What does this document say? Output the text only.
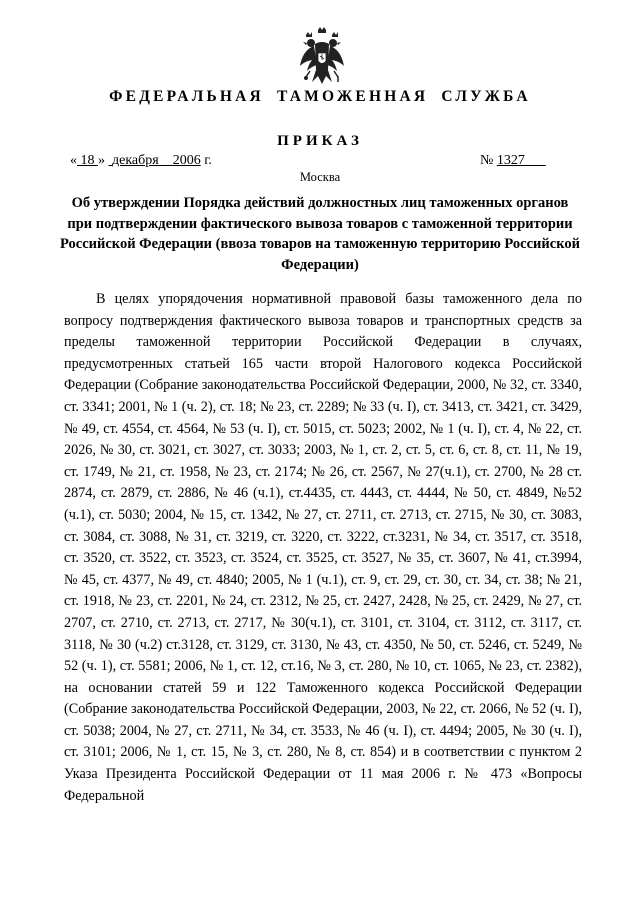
ФЕДЕРАЛЬНАЯ ТАМОЖЕННАЯ СЛУЖБА
ПРИКАЗ
« 18 » декабря 2006 г.	№ 1327
Москва
Об утверждении Порядка действий должностных лиц таможенных органов при подтверждении фактического вывоза товаров с таможенной территории Российской Федерации (ввоза товаров на таможенную территорию Российской Федерации)

В целях упорядочения нормативной правовой базы таможенного дела по вопросу подтверждения фактического вывоза товаров и транспортных средств за пределы таможенной территории Российской Федерации в случаях, предусмотренных статьей 165 части второй Налогового кодекса Российской Федерации (Собрание законодательства Российской Федерации, 2000, № 32, ст. 3340, ст. 3341; 2001, № 1 (ч. 2), ст. 18; № 23, ст. 2289; № 33 (ч. I), ст. 3413, ст. 3421, ст. 3429, № 49, ст. 4554, ст. 4564, № 53 (ч. I), ст. 5015, ст. 5023; 2002, № 1 (ч. I), ст. 4, № 22, ст. 2026, № 30, ст. 3021, ст. 3027, ст. 3033; 2003, № 1, ст. 2, ст. 5, ст. 6, ст. 8, ст. 11, № 19, ст. 1749, № 21, ст. 1958, № 23, ст. 2174; № 26, ст. 2567, № 27(ч.1), ст. 2700, № 28 ст. 2874, ст. 2879, ст. 2886, № 46 (ч.1), ст.4435, ст. 4443, ст. 4444, № 50, ст. 4849, №52 (ч.1), ст. 5030; 2004, № 15, ст. 1342, № 27, ст. 2711, ст. 2713, ст. 2715, № 30, ст. 3083, ст. 3084, ст. 3088, № 31, ст. 3219, ст. 3220, ст. 3222, ст.3231, № 34, ст. 3517, ст. 3518, ст. 3520, ст. 3522, ст. 3523, ст. 3524, ст. 3525, ст. 3527, № 35, ст. 3607, № 41, ст.3994, № 45, ст. 4377, № 49, ст. 4840; 2005, № 1 (ч.1), ст. 9, ст. 29, ст. 30, ст. 34, ст. 38; № 21, ст. 1918, № 23, ст. 2201, № 24, ст. 2312, № 25, ст. 2427, 2428, № 25, ст. 2429, № 27, ст. 2707, ст. 2710, ст. 2713, ст. 2717, № 30(ч.1), ст. 3101, ст. 3104, ст. 3112, ст. 3117, ст. 3118, № 30 (ч.2) ст.3128, ст. 3129, ст. 3130, № 43, ст. 4350, № 50, ст. 5246, ст. 5249, № 52 (ч. 1), ст. 5581; 2006, № 1, ст. 12, ст.16, № 3, ст. 280, № 10, ст. 1065, № 23, ст. 2382), на основании статей 59 и 122 Таможенного кодекса Российской Федерации (Собрание законодательства Российской Федерации, 2003, № 22, ст. 2066, № 52 (ч. I), ст. 5038; 2004, № 27, ст. 2711, № 34, ст. 3533, № 46 (ч. I), ст. 4494; 2005, № 30 (ч. I), ст. 3101; 2006, № 1, ст. 15, № 3, ст. 280, № 8, ст. 854) и в соответствии с пунктом 2 Указа Президента Российской Федерации от 11 мая 2006 г. № 473 «Вопросы Федеральной
